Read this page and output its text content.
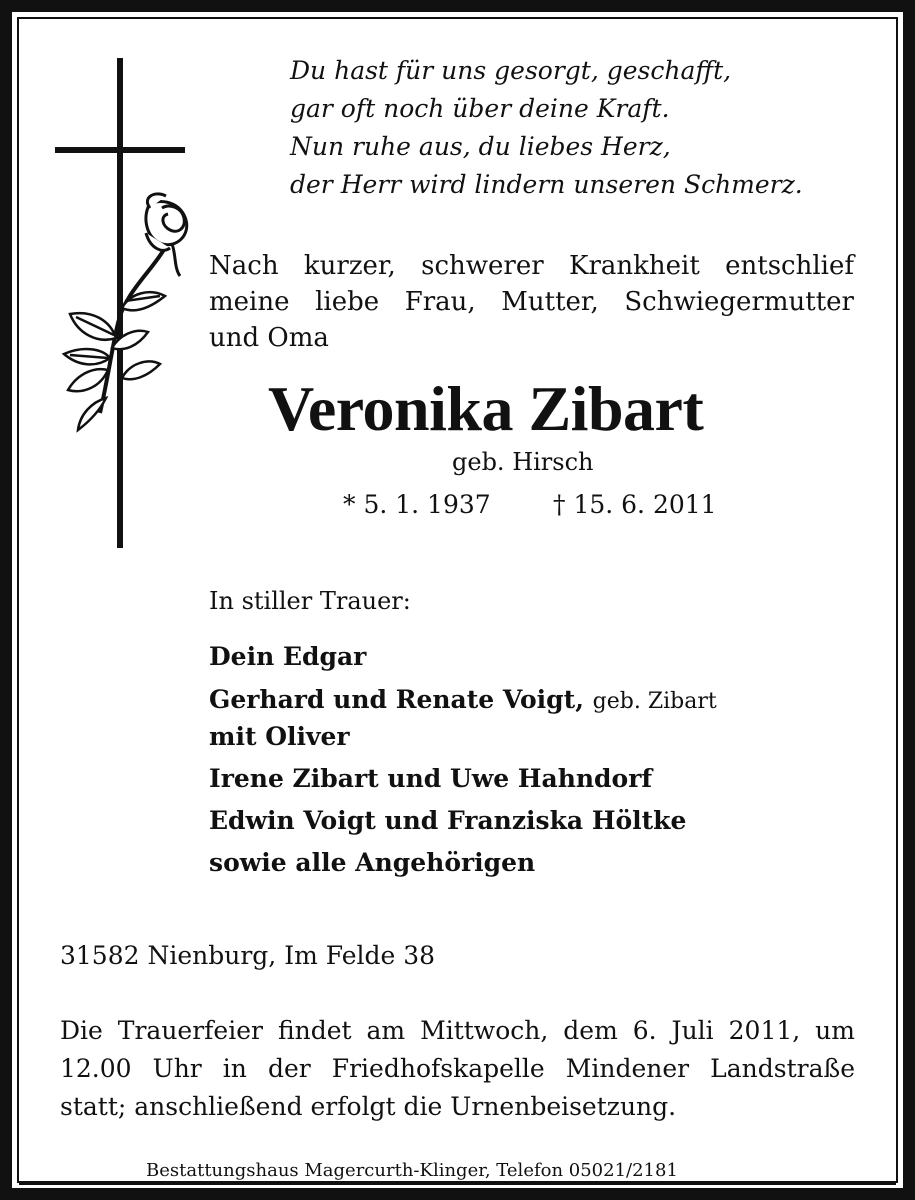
Du hast für uns gesorgt, geschafft,
gar oft noch über deine Kraft.
Nun ruhe aus, du liebes Herz,
der Herr wird lindern unseren Schmerz.
Nach kurzer, schwerer Krankheit entschlief
meine liebe Frau, Mutter, Schwiegermutter
und Oma
Veronika Zibart
geb. Hirsch
* 5. 1. 1937 † 15. 6. 2011
In stiller Trauer:
Dein Edgar
Gerhard und Renate Voigt, geb. Zibart
mit Oliver
Irene Zibart und Uwe Hahndorf
Edwin Voigt und Franziska Höltke
sowie alle Angehörigen
31582 Nienburg, Im Felde 38
Die Trauerfeier findet am Mittwoch, dem 6. Juli 2011, um
12.00 Uhr in der Friedhofskapelle Mindener Landstraße
statt; anschließend erfolgt die Urnenbeisetzung.
Bestattungshaus Magercurth-Klinger, Telefon 05021/2181
